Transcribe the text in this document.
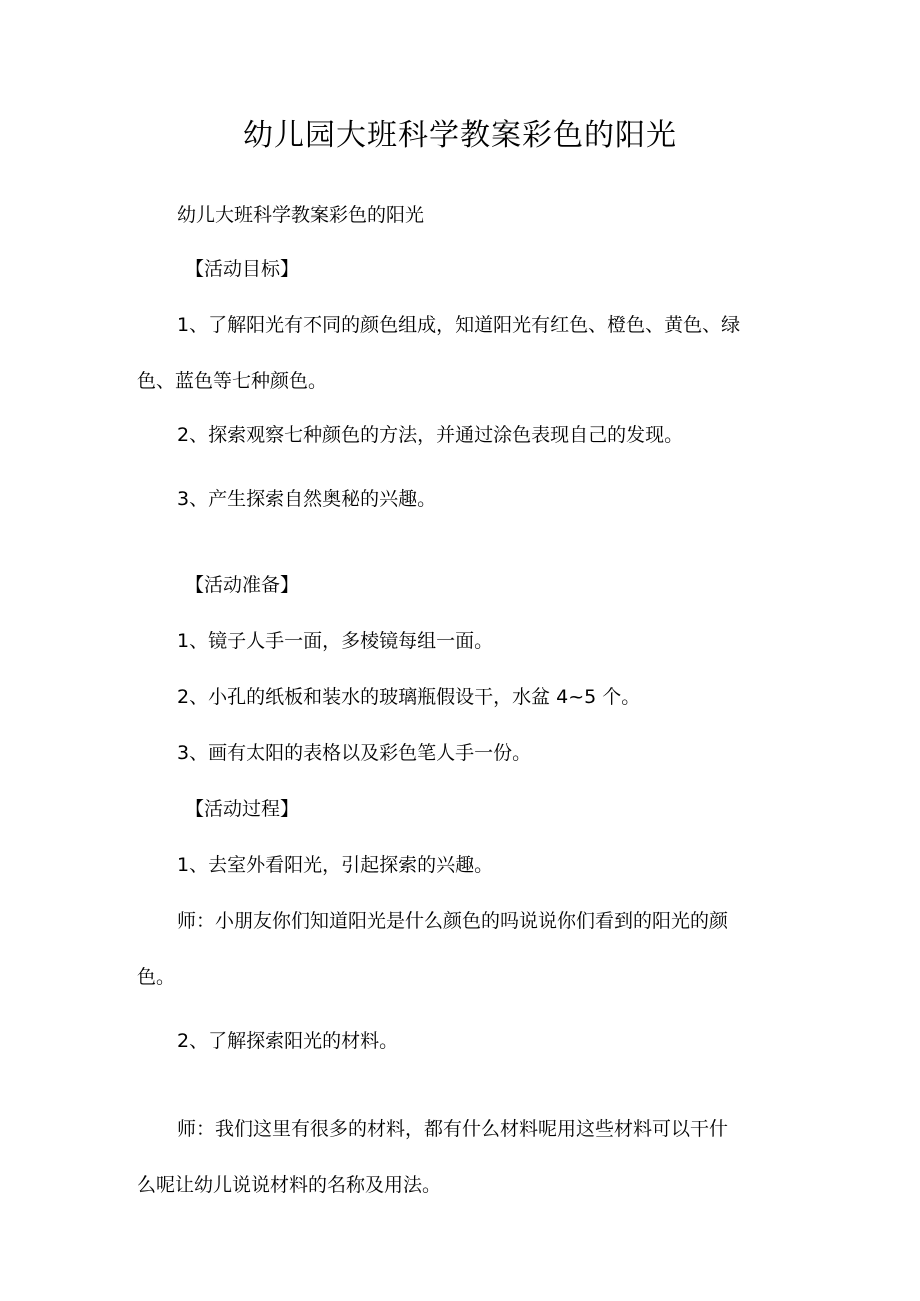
幼儿园大班科学教案彩色的阳光

幼儿大班科学教案彩色的阳光

【活动目标】

1、了解阳光有不同的颜色组成，知道阳光有红色、橙色、黄色、绿

色、蓝色等七种颜色。

2、探索观察七种颜色的方法，并通过涂色表现自己的发现。

3、产生探索自然奥秘的兴趣。

【活动准备】

1、镜子人手一面，多棱镜每组一面。

2、小孔的纸板和装水的玻璃瓶假设干，水盆 4~5 个。

3、画有太阳的表格以及彩色笔人手一份。

【活动过程】

1、去室外看阳光，引起探索的兴趣。

师：小朋友你们知道阳光是什么颜色的吗说说你们看到的阳光的颜

色。

2、了解探索阳光的材料。

师：我们这里有很多的材料，都有什么材料呢用这些材料可以干什

么呢让幼儿说说材料的名称及用法。
